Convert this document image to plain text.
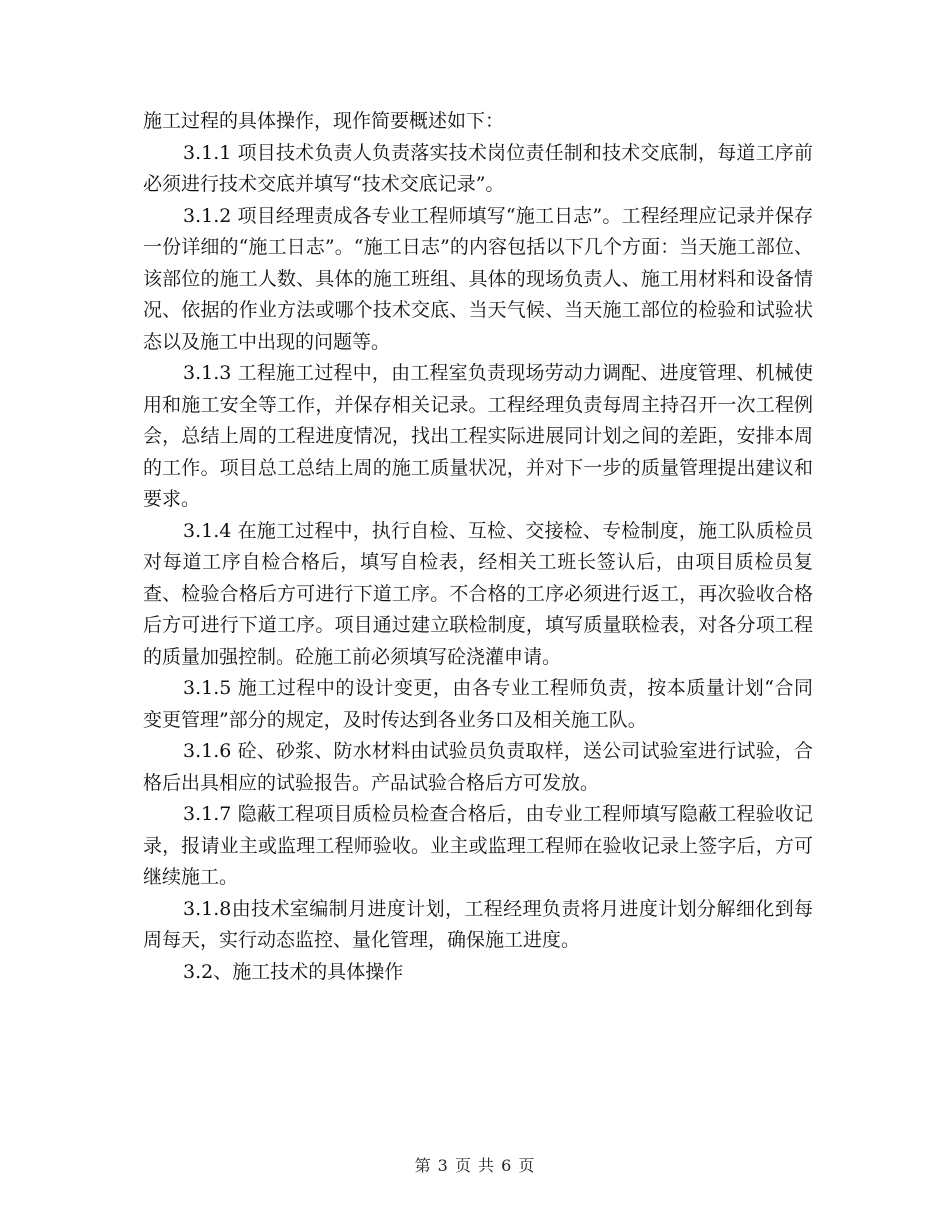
施工过程的具体操作，现作简要概述如下：

3.1.1 项目技术负责人负责落实技术岗位责任制和技术交底制，每道工序前必须进行技术交底并填写“技术交底记录”。

3.1.2 项目经理责成各专业工程师填写“施工日志”。工程经理应记录并保存一份详细的“施工日志”。“施工日志”的内容包括以下几个方面：当天施工部位、该部位的施工人数、具体的施工班组、具体的现场负责人、施工用材料和设备情况、依据的作业方法或哪个技术交底、当天气候、当天施工部位的检验和试验状态以及施工中出现的问题等。

3.1.3 工程施工过程中，由工程室负责现场劳动力调配、进度管理、机械使用和施工安全等工作，并保存相关记录。工程经理负责每周主持召开一次工程例会，总结上周的工程进度情况，找出工程实际进展同计划之间的差距，安排本周的工作。项目总工总结上周的施工质量状况，并对下一步的质量管理提出建议和要求。

3.1.4 在施工过程中，执行自检、互检、交接检、专检制度，施工队质检员对每道工序自检合格后，填写自检表，经相关工班长签认后，由项目质检员复查、检验合格后方可进行下道工序。不合格的工序必须进行返工，再次验收合格后方可进行下道工序。项目通过建立联检制度，填写质量联检表，对各分项工程的质量加强控制。砼施工前必须填写砼浇灌申请。

3.1.5 施工过程中的设计变更，由各专业工程师负责，按本质量计划“合同变更管理”部分的规定，及时传达到各业务口及相关施工队。

3.1.6 砼、砂浆、防水材料由试验员负责取样，送公司试验室进行试验，合格后出具相应的试验报告。产品试验合格后方可发放。

3.1.7 隐蔽工程项目质检员检查合格后，由专业工程师填写隐蔽工程验收记录，报请业主或监理工程师验收。业主或监理工程师在验收记录上签字后，方可继续施工。

3.1.8由技术室编制月进度计划，工程经理负责将月进度计划分解细化到每周每天，实行动态监控、量化管理，确保施工进度。

3.2、施工技术的具体操作

第 3 页 共 6 页
